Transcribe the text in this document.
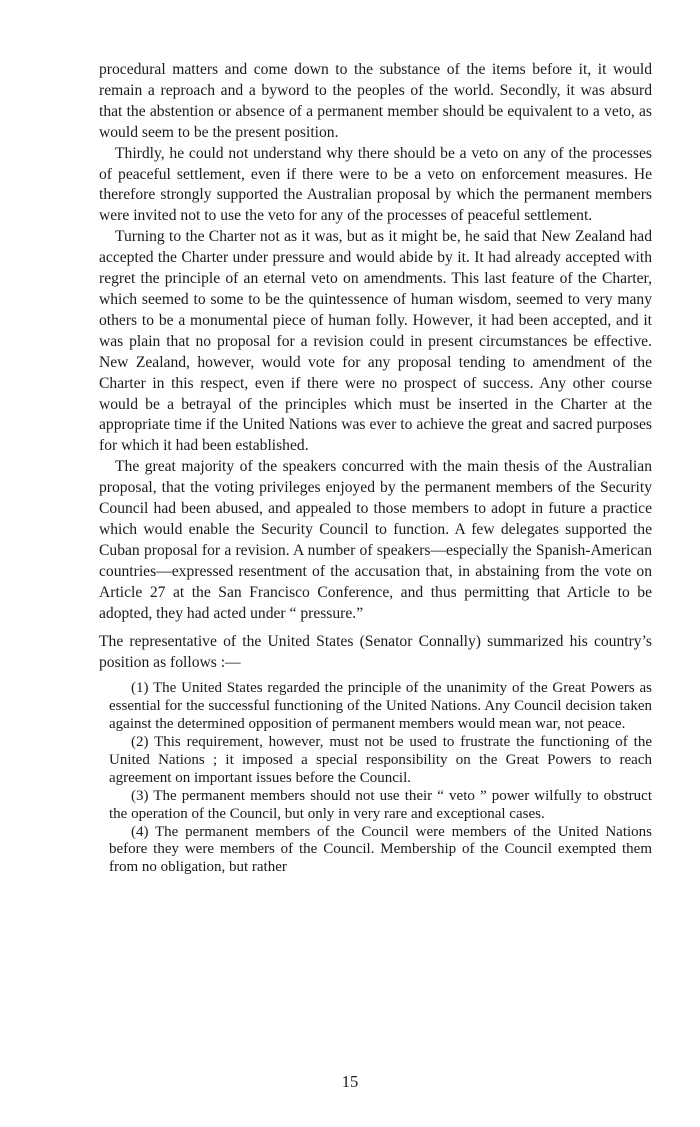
procedural matters and come down to the substance of the items before it, it would remain a reproach and a byword to the peoples of the world. Secondly, it was absurd that the abstention or absence of a permanent member should be equivalent to a veto, as would seem to be the present position.

Thirdly, he could not understand why there should be a veto on any of the processes of peaceful settlement, even if there were to be a veto on enforcement measures. He therefore strongly supported the Australian proposal by which the permanent members were invited not to use the veto for any of the processes of peaceful settlement.

Turning to the Charter not as it was, but as it might be, he said that New Zealand had accepted the Charter under pressure and would abide by it. It had already accepted with regret the principle of an eternal veto on amendments. This last feature of the Charter, which seemed to some to be the quintessence of human wisdom, seemed to very many others to be a monumental piece of human folly. However, it had been accepted, and it was plain that no proposal for a revision could in present circumstances be effective. New Zealand, however, would vote for any proposal tending to amendment of the Charter in this respect, even if there were no prospect of success. Any other course would be a betrayal of the principles which must be inserted in the Charter at the appropriate time if the United Nations was ever to achieve the great and sacred purposes for which it had been established.

The great majority of the speakers concurred with the main thesis of the Australian proposal, that the voting privileges enjoyed by the permanent members of the Security Council had been abused, and appealed to those members to adopt in future a practice which would enable the Security Council to function. A few delegates supported the Cuban proposal for a revision. A number of speakers—especially the Spanish-American countries—expressed resentment of the accusation that, in abstaining from the vote on Article 27 at the San Francisco Conference, and thus permitting that Article to be adopted, they had acted under “ pressure.”

The representative of the United States (Senator Connally) summarized his country’s position as follows :—

(1) The United States regarded the principle of the unanimity of the Great Powers as essential for the successful functioning of the United Nations. Any Council decision taken against the determined opposition of permanent members would mean war, not peace.

(2) This requirement, however, must not be used to frustrate the functioning of the United Nations ; it imposed a special responsibility on the Great Powers to reach agreement on important issues before the Council.

(3) The permanent members should not use their “ veto ” power wilfully to obstruct the operation of the Council, but only in very rare and exceptional cases.

(4) The permanent members of the Council were members of the United Nations before they were members of the Council. Membership of the Council exempted them from no obligation, but rather

15
